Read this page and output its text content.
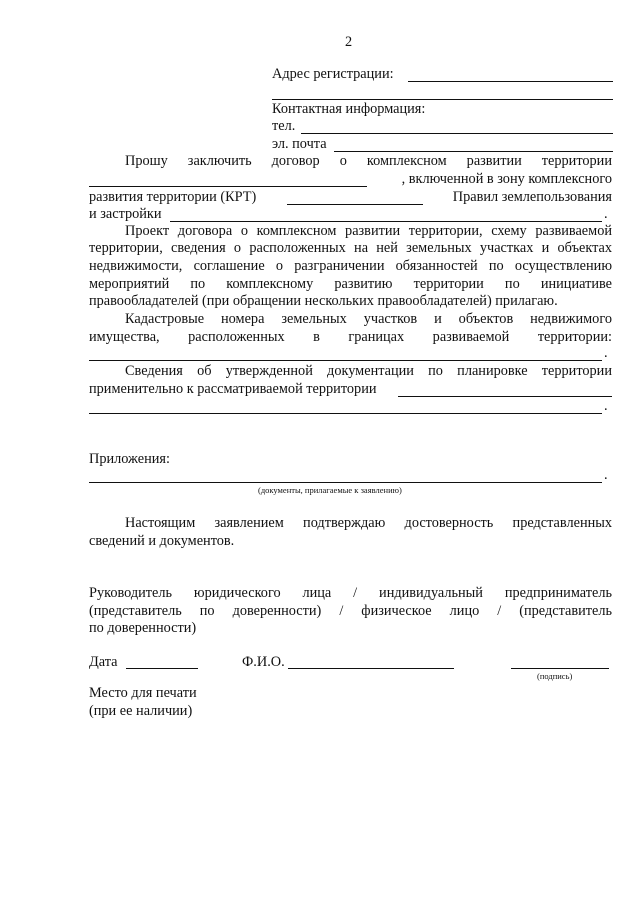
2
Адрес регистрации:
Контактная информация:
тел.
эл. почта
Прошу заключить договор о комплексном развитии территории
, включенной в зону комплексного
развития территории (КРТ)	Правил землепользования
и застройки	.
Проект договора о комплексном развитии территории, схему развиваемой
территории, сведения о расположенных на ней земельных участках и объектах
недвижимости, соглашение о разграничении обязанностей по осуществлению
мероприятий по комплексному развитию территории по инициативе
правообладателей (при обращении нескольких правообладателей) прилагаю.
Кадастровые номера земельных участков и объектов недвижимого
имущества, расположенных в границах развиваемой территории:
.
Сведения об утвержденной документации по планировке территории
применительно к рассматриваемой территории
.
Приложения:
.
(документы, прилагаемые к заявлению)
Настоящим заявлением подтверждаю достоверность представленных
сведений и документов.
Руководитель юридического лица / индивидуальный предприниматель
(представитель по доверенности) / физическое лицо / (представитель
по доверенности)
Дата	Ф.И.О.
(подпись)
Место для печати
(при ее наличии)
